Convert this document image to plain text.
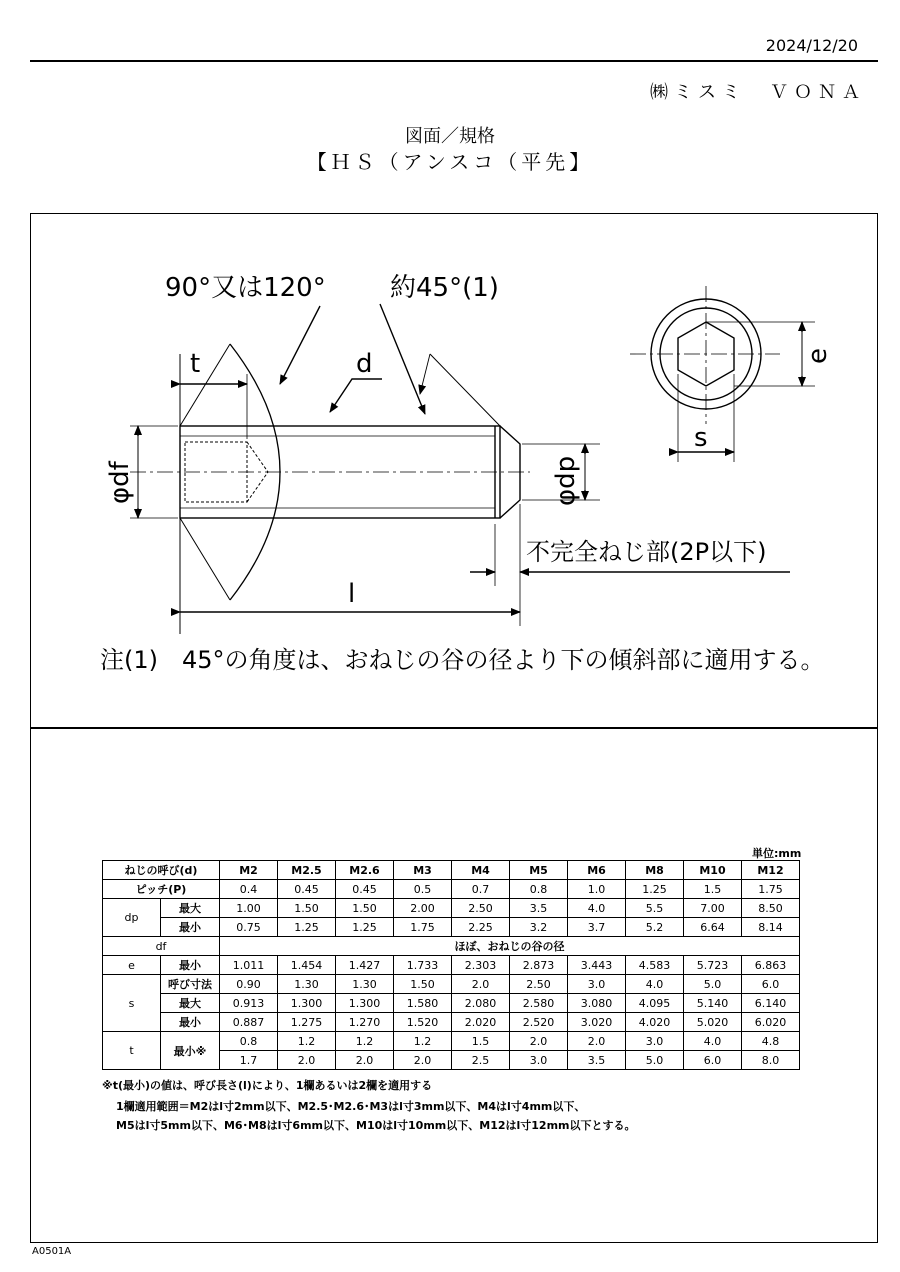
2024/12/20
㈱ミスミ　ＶＯＮＡ
図面／規格
【ＨＳ（アンスコ（平先】
90°又は120° 約45°(1)
t	d
φdf	φdp
l
不完全ねじ部(2P以下)
e
s
注(1)　45°の角度は、おねじの谷の径より下の傾斜部に適用する。
単位:mm
ねじの呼び(d)		M2	M2.5	M2.6	M3	M4	M5	M6	M8	M10	M12
ピッチ(P)		0.4	0.45	0.45	0.5	0.7	0.8	1.0	1.25	1.5	1.75
dp	最大	1.00	1.50	1.50	2.00	2.50	3.5	4.0	5.5	7.00	8.50
	最小	0.75	1.25	1.25	1.75	2.25	3.2	3.7	5.2	6.64	8.14
df		ほぼ、おねじの谷の径									
e	最小	1.011	1.454	1.427	1.733	2.303	2.873	3.443	4.583	5.723	6.863
s	呼び寸法	0.90	1.30	1.30	1.50	2.0	2.50	3.0	4.0	5.0	6.0
	最大	0.913	1.300	1.300	1.580	2.080	2.580	3.080	4.095	5.140	6.140
	最小	0.887	1.275	1.270	1.520	2.020	2.520	3.020	4.020	5.020	6.020
t	最小※	0.8	1.2	1.2	1.2	1.5	2.0	2.0	3.0	4.0	4.8
		1.7	2.0	2.0	2.0	2.5	3.0	3.5	5.0	6.0	8.0
※t(最小)の値は、呼び長さ(l)により、1欄あるいは2欄を適用する
1欄適用範囲＝M2はl寸2mm以下、M2.5･M2.6･M3はl寸3mm以下、M4はl寸4mm以下、
M5はl寸5mm以下、M6･M8はl寸6mm以下、M10はl寸10mm以下、M12はl寸12mm以下とする。
A0501A
